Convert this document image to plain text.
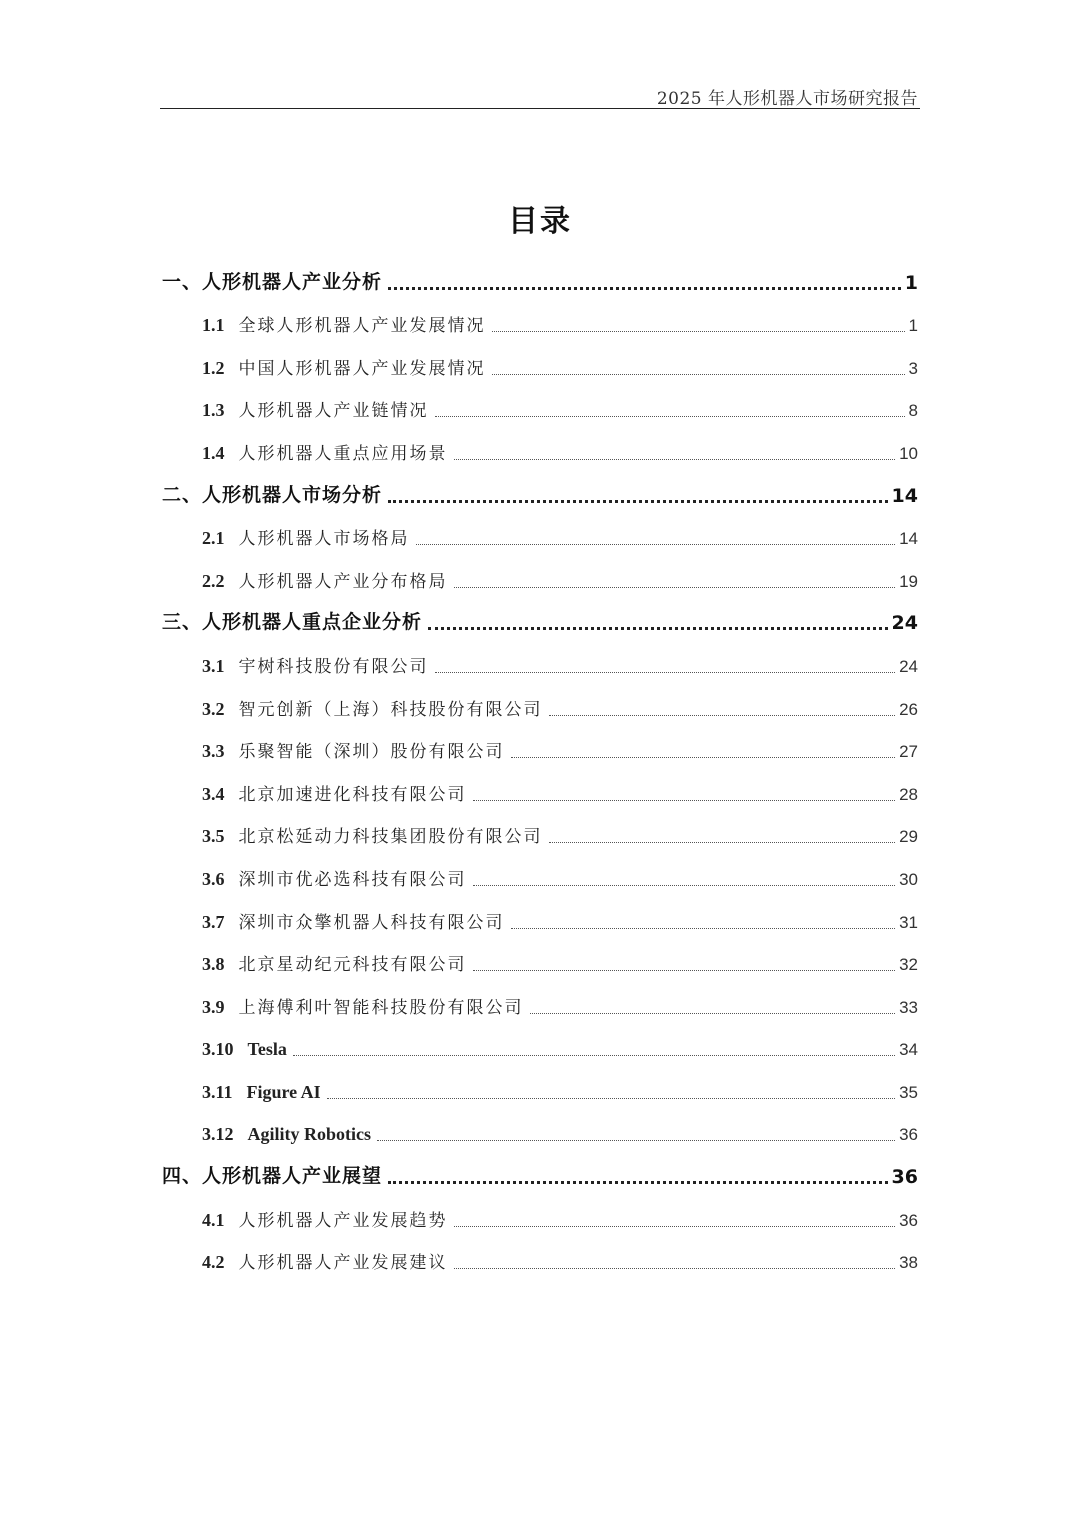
2025 年人形机器人市场研究报告
目录
一、人形机器人产业分析	1
1.1 全球人形机器人产业发展情况	1
1.2 中国人形机器人产业发展情况	3
1.3 人形机器人产业链情况	8
1.4 人形机器人重点应用场景	10
二、人形机器人市场分析	14
2.1 人形机器人市场格局	14
2.2 人形机器人产业分布格局	19
三、人形机器人重点企业分析	24
3.1 宇树科技股份有限公司	24
3.2 智元创新（上海）科技股份有限公司	26
3.3 乐聚智能（深圳）股份有限公司	27
3.4 北京加速进化科技有限公司	28
3.5 北京松延动力科技集团股份有限公司	29
3.6 深圳市优必选科技有限公司	30
3.7 深圳市众擎机器人科技有限公司	31
3.8 北京星动纪元科技有限公司	32
3.9 上海傅利叶智能科技股份有限公司	33
3.10 Tesla	34
3.11 Figure AI	35
3.12 Agility Robotics	36
四、人形机器人产业展望	36
4.1 人形机器人产业发展趋势	36
4.2 人形机器人产业发展建议	38
